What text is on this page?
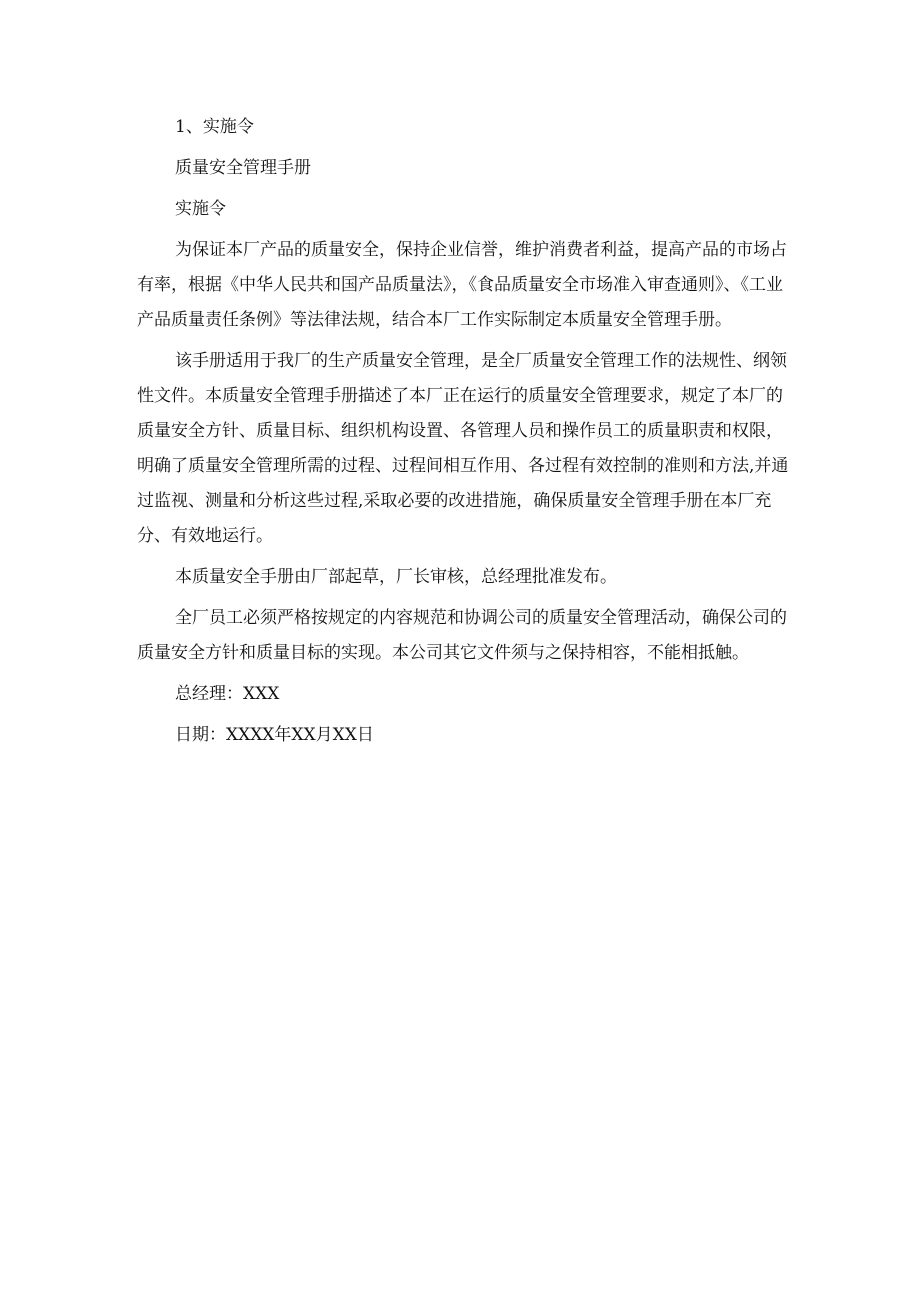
1、实施令

质量安全管理手册

实施令

为保证本厂产品的质量安全，保持企业信誉，维护消费者利益，提高产品的市场占有率，根据《中华人民共和国产品质量法》，《食品质量安全市场准入审查通则》、《工业产品质量责任条例》等法律法规，结合本厂工作实际制定本质量安全管理手册。

该手册适用于我厂的生产质量安全管理，是全厂质量安全管理工作的法规性、纲领性文件。本质量安全管理手册描述了本厂正在运行的质量安全管理要求，规定了本厂的质量安全方针、质量目标、组织机构设置、各管理人员和操作员工的质量职责和权限，明确了质量安全管理所需的过程、过程间相互作用、各过程有效控制的准则和方法,并通过监视、测量和分析这些过程,采取必要的改进措施，确保质量安全管理手册在本厂充分、有效地运行。

本质量安全手册由厂部起草，厂长审核，总经理批准发布。

全厂员工必须严格按规定的内容规范和协调公司的质量安全管理活动，确保公司的质量安全方针和质量目标的实现。本公司其它文件须与之保持相容，不能相抵触。

总经理：XXX

日期：XXXX年XX月XX日
